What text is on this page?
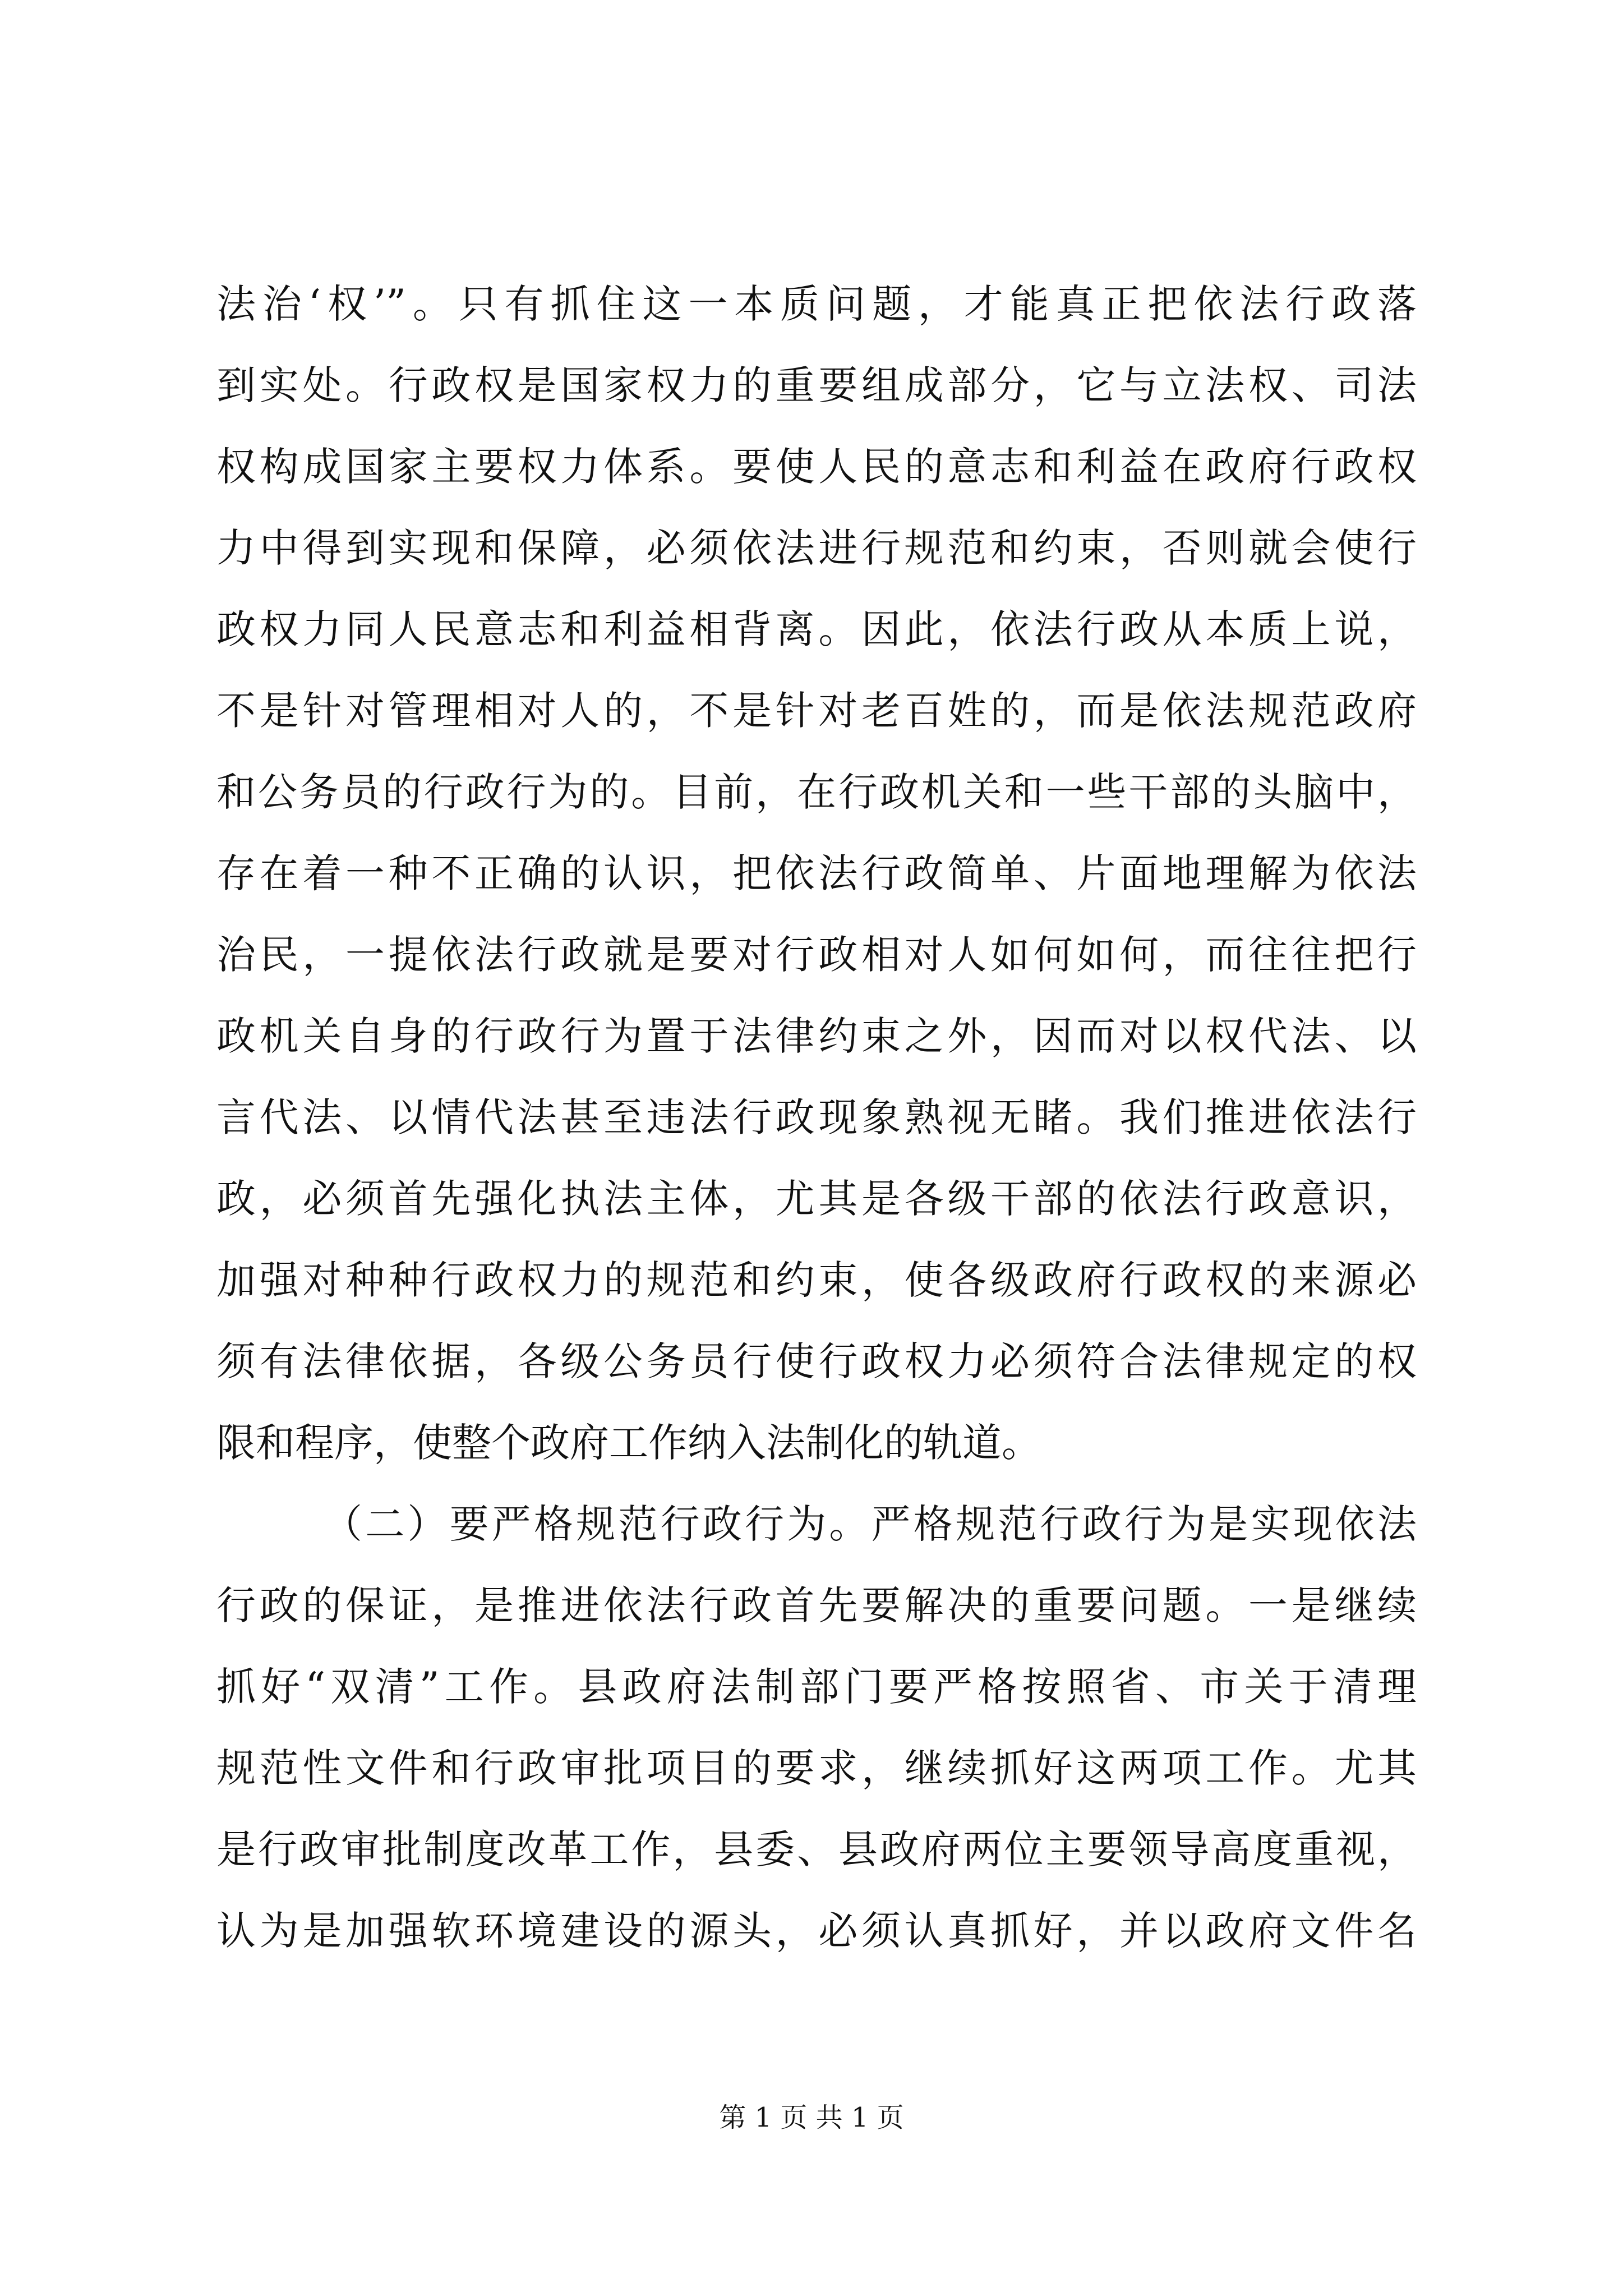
法治‘权’”。只有抓住这一本质问题，才能真正把依法行政落
到实处。行政权是国家权力的重要组成部分，它与立法权、司法
权构成国家主要权力体系。要使人民的意志和利益在政府行政权
力中得到实现和保障，必须依法进行规范和约束，否则就会使行
政权力同人民意志和利益相背离。因此，依法行政从本质上说，
不是针对管理相对人的，不是针对老百姓的，而是依法规范政府
和公务员的行政行为的。目前，在行政机关和一些干部的头脑中，
存在着一种不正确的认识，把依法行政简单、片面地理解为依法
治民，一提依法行政就是要对行政相对人如何如何，而往往把行
政机关自身的行政行为置于法律约束之外，因而对以权代法、以
言代法、以情代法甚至违法行政现象熟视无睹。我们推进依法行
政，必须首先强化执法主体，尤其是各级干部的依法行政意识，
加强对种种行政权力的规范和约束，使各级政府行政权的来源必
须有法律依据，各级公务员行使行政权力必须符合法律规定的权
限和程序，使整个政府工作纳入法制化的轨道。
（二）要严格规范行政行为。严格规范行政行为是实现依法
行政的保证，是推进依法行政首先要解决的重要问题。一是继续
抓好“双清”工作。县政府法制部门要严格按照省、市关于清理
规范性文件和行政审批项目的要求，继续抓好这两项工作。尤其
是行政审批制度改革工作，县委、县政府两位主要领导高度重视，
认为是加强软环境建设的源头，必须认真抓好，并以政府文件名
第 1 页 共 1 页
